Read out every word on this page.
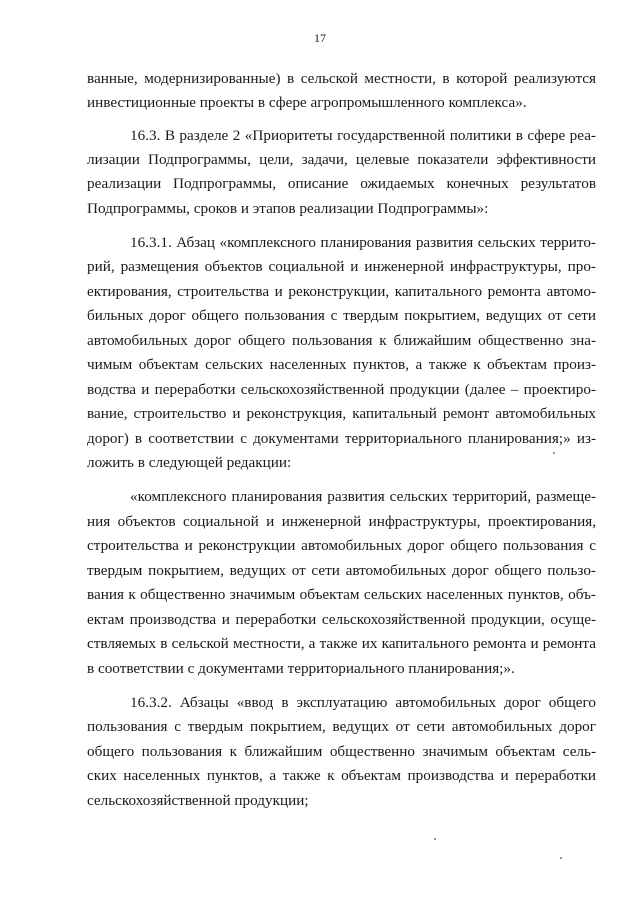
17
ванные, модернизированные) в сельской местности, в которой реализуются
инвестиционные проекты в сфере агропромышленного комплекса».
16.3. В разделе 2 «Приоритеты государственной политики в сфере реа-
лизации Подпрограммы, цели, задачи, целевые показатели эффективности
реализации Подпрограммы, описание ожидаемых конечных результатов
Подпрограммы, сроков и этапов реализации Подпрограммы»:
16.3.1. Абзац «комплексного планирования развития сельских террито-
рий, размещения объектов социальной и инженерной инфраструктуры, про-
ектирования, строительства и реконструкции, капитального ремонта автомо-
бильных дорог общего пользования с твердым покрытием, ведущих от сети
автомобильных дорог общего пользования к ближайшим общественно зна-
чимым объектам сельских населенных пунктов, а также к объектам произ-
водства и переработки сельскохозяйственной продукции (далее – проектиро-
вание, строительство и реконструкция, капитальный ремонт автомобильных
дорог) в соответствии с документами территориального планирования;» из-
ложить в следующей редакции:
«комплексного планирования развития сельских территорий, размеще-
ния объектов социальной и инженерной инфраструктуры, проектирования,
строительства и реконструкции автомобильных дорог общего пользования с
твердым покрытием, ведущих от сети автомобильных дорог общего пользо-
вания к общественно значимым объектам сельских населенных пунктов, объ-
ектам производства и переработки сельскохозяйственной продукции, осуще-
ствляемых в сельской местности, а также их капитального ремонта и ремонта
в соответствии с документами территориального планирования;».
16.3.2. Абзацы «ввод в эксплуатацию автомобильных дорог общего
пользования с твердым покрытием, ведущих от сети автомобильных дорог
общего пользования к ближайшим общественно значимым объектам сель-
ских населенных пунктов, а также к объектам производства и переработки
сельскохозяйственной продукции;
